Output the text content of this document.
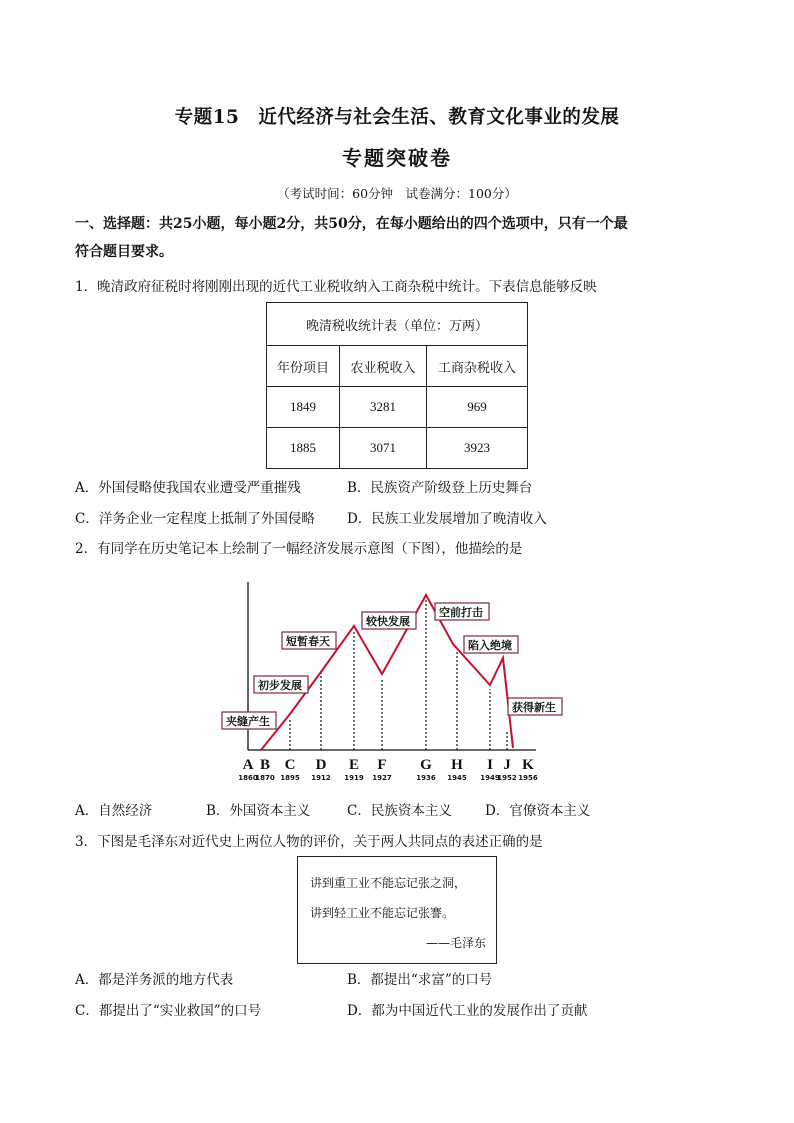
专题15　近代经济与社会生活、教育文化事业的发展
专题突破卷
（考试时间：60分钟　试卷满分：100分）
一、选择题：共25小题，每小题2分，共50分，在每小题给出的四个选项中，只有一个最
符合题目要求。
1．晚清政府征税时将刚刚出现的近代工业税收纳入工商杂税中统计。下表信息能够反映
晚清税收统计表（单位：万两）		
年份项目	农业税收入	工商杂税收入
1849	3281	969
1885	3071	3923
A．外国侵略使我国农业遭受严重摧残	B．民族资产阶级登上历史舞台
C．洋务企业一定程度上抵制了外国侵略 D．民族工业发展增加了晚清收入
2．有同学在历史笔记本上绘制了一幅经济发展示意图（下图），他描绘的是
夹缝产生
初步发展
短暂春天
较快发展
空前打击
陷入绝境
获得新生
A B C D E F G H I J K
1860
1870 1895 1912 1919 1927	1936 1945 1949
1952 1956
A．自然经济	B．外国资本主义	C．民族资本主义 D．官僚资本主义
3．下图是毛泽东对近代史上两位人物的评价，关于两人共同点的表述正确的是
讲到重工业不能忘记张之洞，
讲到轻工业不能忘记张謇。
——毛泽东
A．都是洋务派的地方代表	B．都提出“求富”的口号
C．都提出了“实业救国”的口号	D．都为中国近代工业的发展作出了贡献
